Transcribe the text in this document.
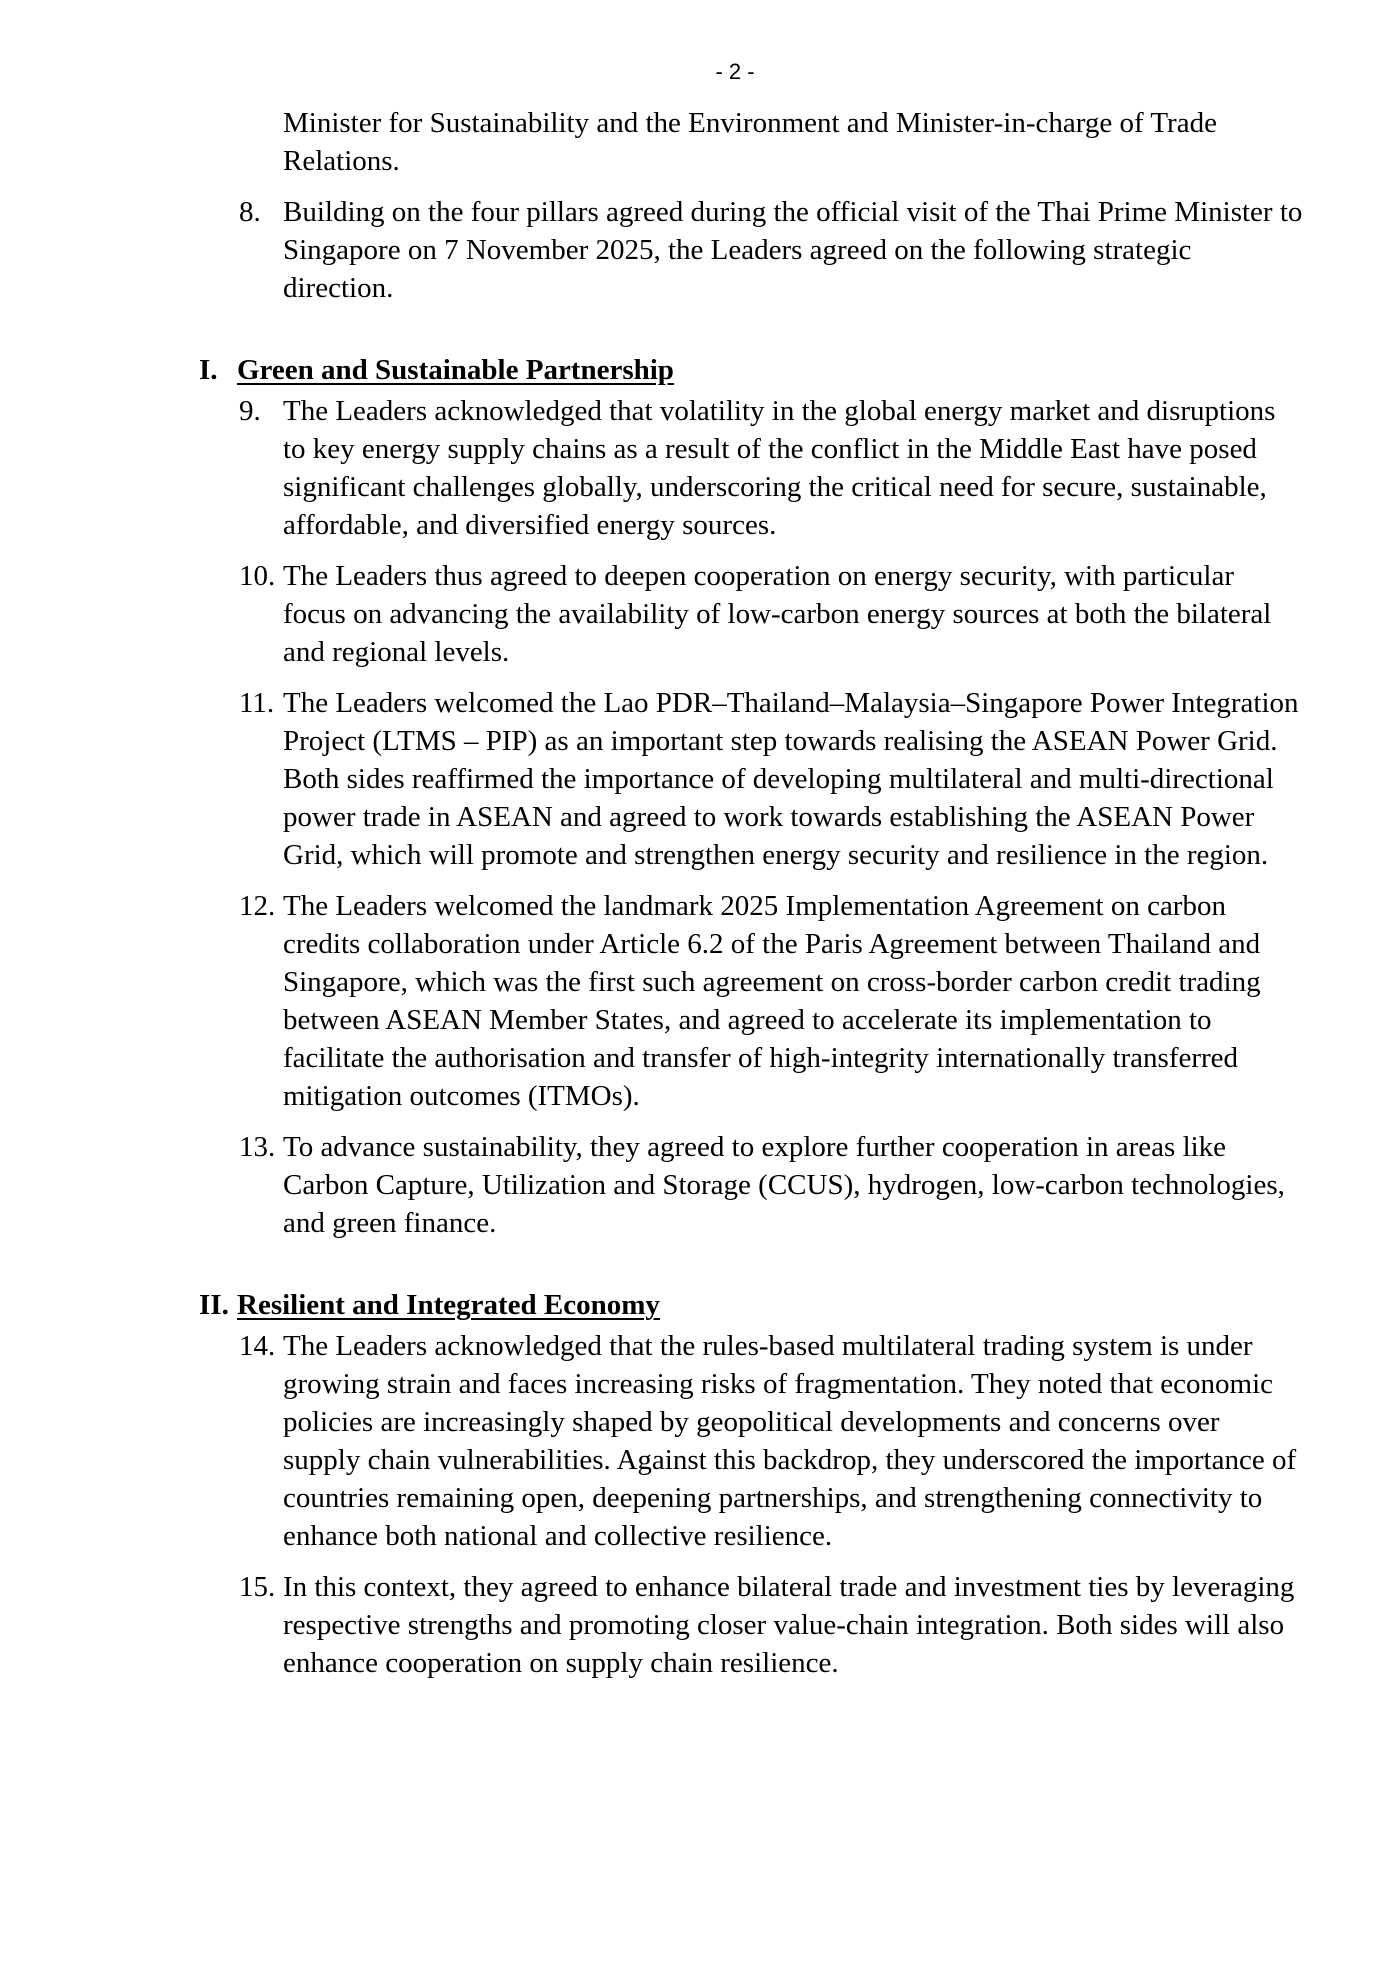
- 2 -
Minister for Sustainability and the Environment and Minister-in-charge of Trade Relations.
8. Building on the four pillars agreed during the official visit of the Thai Prime Minister to Singapore on 7 November 2025, the Leaders agreed on the following strategic direction.
I. Green and Sustainable Partnership
9. The Leaders acknowledged that volatility in the global energy market and disruptions to key energy supply chains as a result of the conflict in the Middle East have posed significant challenges globally, underscoring the critical need for secure, sustainable, affordable, and diversified energy sources.
10. The Leaders thus agreed to deepen cooperation on energy security, with particular focus on advancing the availability of low-carbon energy sources at both the bilateral and regional levels.
11. The Leaders welcomed the Lao PDR–Thailand–Malaysia–Singapore Power Integration Project (LTMS – PIP) as an important step towards realising the ASEAN Power Grid. Both sides reaffirmed the importance of developing multilateral and multi-directional power trade in ASEAN and agreed to work towards establishing the ASEAN Power Grid, which will promote and strengthen energy security and resilience in the region.
12. The Leaders welcomed the landmark 2025 Implementation Agreement on carbon credits collaboration under Article 6.2 of the Paris Agreement between Thailand and Singapore, which was the first such agreement on cross-border carbon credit trading between ASEAN Member States, and agreed to accelerate its implementation to facilitate the authorisation and transfer of high-integrity internationally transferred mitigation outcomes (ITMOs).
13. To advance sustainability, they agreed to explore further cooperation in areas like Carbon Capture, Utilization and Storage (CCUS), hydrogen, low-carbon technologies, and green finance.
II. Resilient and Integrated Economy
14. The Leaders acknowledged that the rules-based multilateral trading system is under growing strain and faces increasing risks of fragmentation. They noted that economic policies are increasingly shaped by geopolitical developments and concerns over supply chain vulnerabilities. Against this backdrop, they underscored the importance of countries remaining open, deepening partnerships, and strengthening connectivity to enhance both national and collective resilience.
15. In this context, they agreed to enhance bilateral trade and investment ties by leveraging respective strengths and promoting closer value-chain integration. Both sides will also enhance cooperation on supply chain resilience.
